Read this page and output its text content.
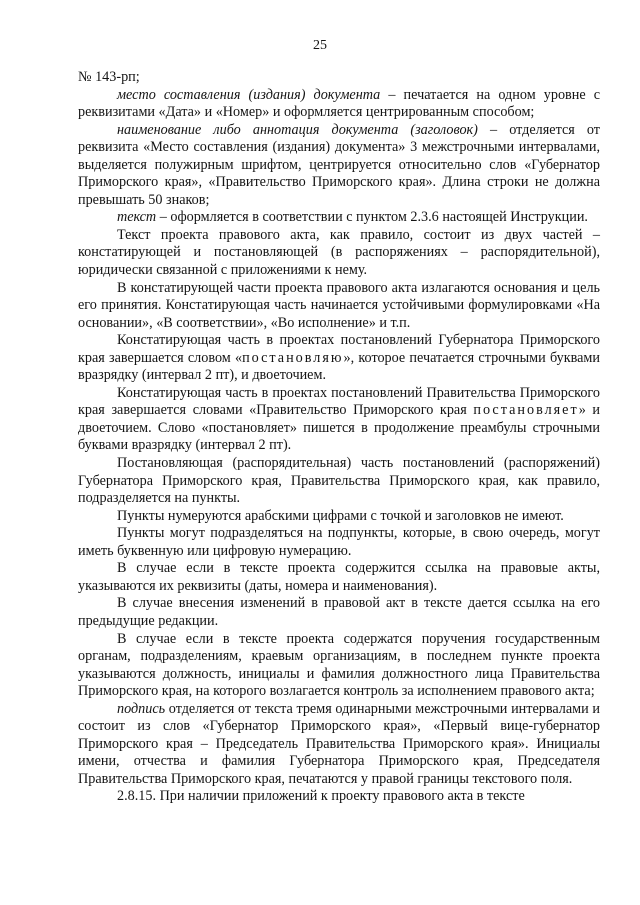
25

№ 143-рп;

место составления (издания) документа – печатается на одном уровне с реквизитами «Дата» и «Номер» и оформляется центрированным способом;

наименование либо аннотация документа (заголовок) – отделяется от реквизита «Место составления (издания) документа» 3 межстрочными интервалами, выделяется полужирным шрифтом, центрируется относительно слов «Губернатор Приморского края», «Правительство Приморского края». Длина строки не должна превышать 50 знаков;

текст – оформляется в соответствии с пунктом 2.3.6 настоящей Инструкции.

Текст проекта правового акта, как правило, состоит из двух частей – констатирующей и постановляющей (в распоряжениях – распорядительной), юридически связанной с приложениями к нему.

В констатирующей части проекта правового акта излагаются основания и цель его принятия. Констатирующая часть начинается устойчивыми формулировками «На основании», «В соответствии», «Во исполнение» и т.п.

Констатирующая часть в проектах постановлений Губернатора Приморского края завершается словом «постановляю», которое печатается строчными буквами вразрядку (интервал 2 пт), и двоеточием.

Констатирующая часть в проектах постановлений Правительства Приморского края завершается словами «Правительство Приморского края постановляет» и двоеточием. Слово «постановляет» пишется в продолжение преамбулы строчными буквами вразрядку (интервал 2 пт).

Постановляющая (распорядительная) часть постановлений (распоряжений) Губернатора Приморского края, Правительства Приморского края, как правило, подразделяется на пункты.

Пункты нумеруются арабскими цифрами с точкой и заголовков не имеют.

Пункты могут подразделяться на подпункты, которые, в свою очередь, могут иметь буквенную или цифровую нумерацию.

В случае если в тексте проекта содержится ссылка на правовые акты, указываются их реквизиты (даты, номера и наименования).

В случае внесения изменений в правовой акт в тексте дается ссылка на его предыдущие редакции.

В случае если в тексте проекта содержатся поручения государственным органам, подразделениям, краевым организациям, в последнем пункте проекта указываются должность, инициалы и фамилия должностного лица Правительства Приморского края, на которого возлагается контроль за исполнением правового акта;

подпись отделяется от текста тремя одинарными межстрочными интервалами и состоит из слов «Губернатор Приморского края», «Первый вице-губернатор Приморского края – Председатель Правительства Приморского края». Инициалы имени, отчества и фамилия Губернатора Приморского края, Председателя Правительства Приморского края, печатаются у правой границы текстового поля.

2.8.15. При наличии приложений к проекту правового акта в тексте
